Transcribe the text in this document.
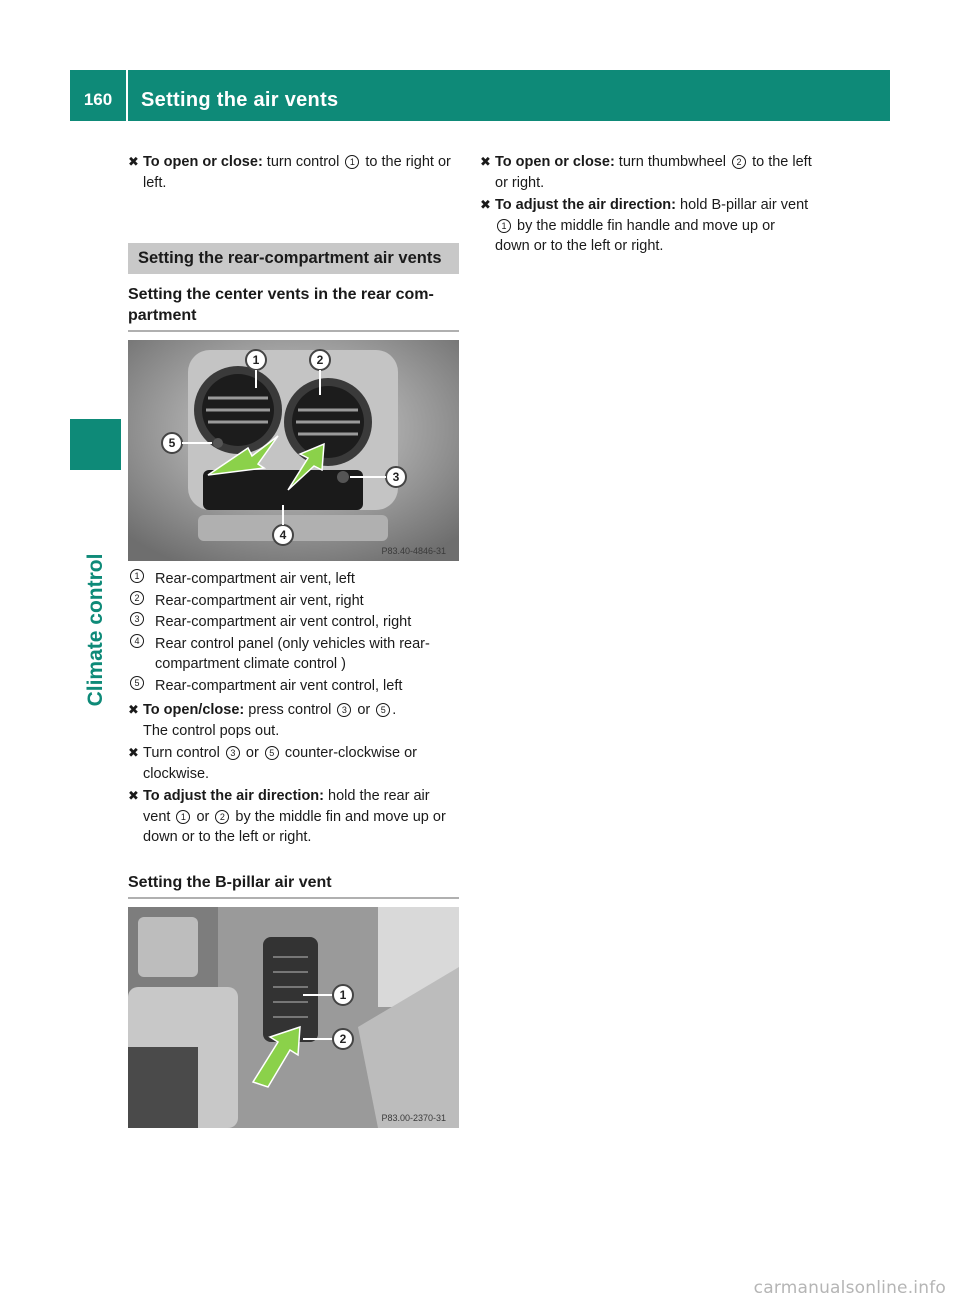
160	Setting the air vents
Climate control

✖ To open or close: turn control 1 to the right or left.

Setting the rear-compartment air vents
Setting the center vents in the rear com-partment
1	2
5
3
4
P83.40-4846-31
1	Rear-compartment air vent, left
2	Rear-compartment air vent, right
3	Rear-compartment air vent control, right
4	Rear control panel (only vehicles with rear-compartment climate control )
5	Rear-compartment air vent control, left

✖ To open/close: press control 3 or 5 .
The control pops out.

✖ Turn control 3 or 5 counter-clockwise or clockwise.

✖ To adjust the air direction: hold the rear air vent 1 or 2 by the middle fin and move up or down or to the left or right.

Setting the B-pillar air vent
1
2
P83.00-2370-31

✖ To open or close: turn thumbwheel 2 to the left or right.

✖ To adjust the air direction: hold B-pillar air vent 1 by the middle fin handle and move up or down or to the left or right.

carmanualsonline.info
